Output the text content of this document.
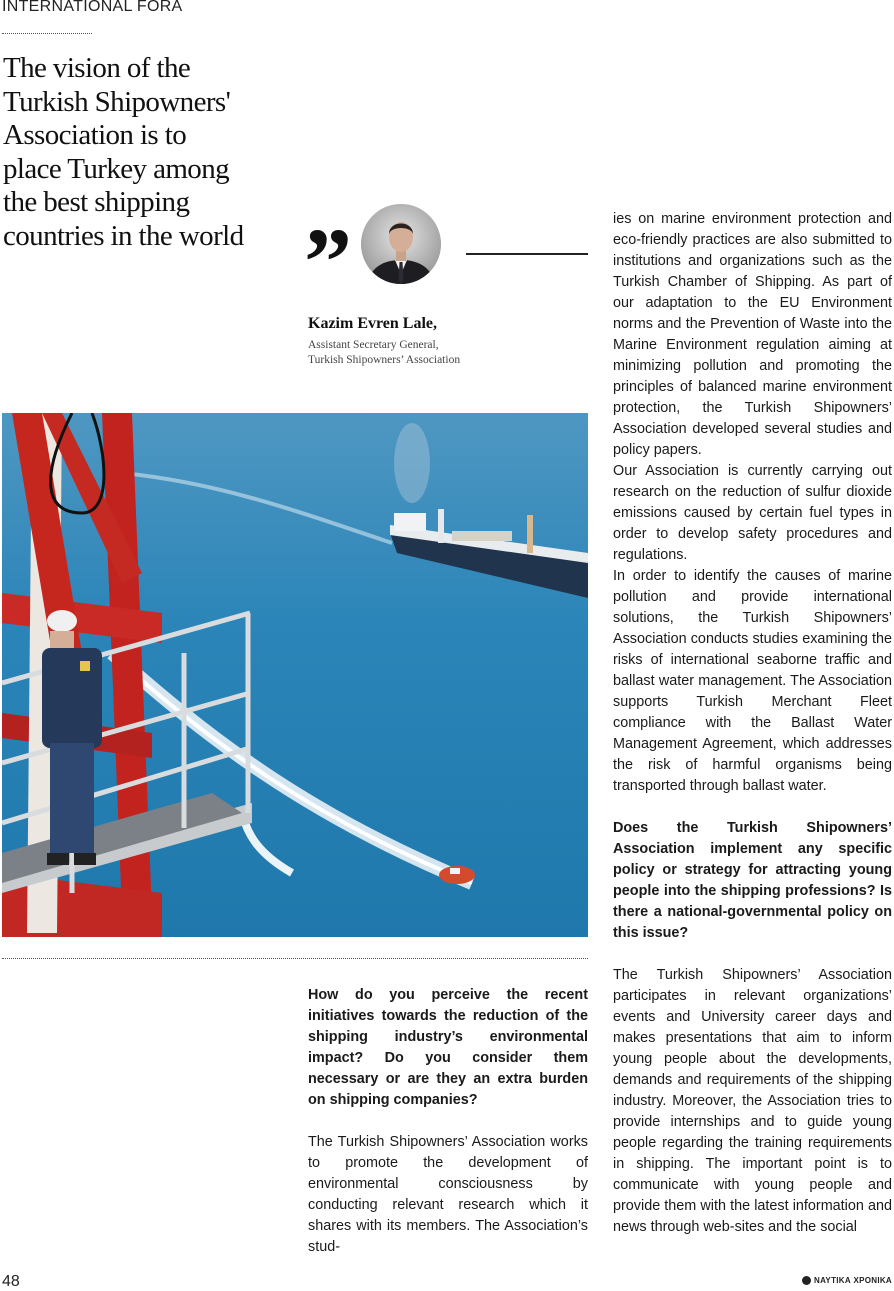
INTERNATIONAL FORA
The vision of the
Turkish Shipowners'
Association is to
place Turkey among
the best shipping
countries in the world ”
Kazim Evren Lale,
Assistant Secretary General,
Turkish Shipowners’ Association

How do you perceive the recent initiatives towards the reduction of the shipping industry’s environmental impact? Do you consider them necessary or are they an extra burden on shipping companies?

The Turkish Shipowners’ Association works to promote the development of environmental consciousness by conducting relevant research which it shares with its members. The Association’s stud-

ies on marine environment protection and eco-friendly practices are also submitted to institutions and organizations such as the Turkish Chamber of Shipping. As part of our adaptation to the EU Environment norms and the Prevention of Waste into the Marine Environment regulation aiming at minimizing pollution and promoting the principles of balanced marine environment protection, the Turkish Shipowners’ Association developed several studies and policy papers.

Our Association is currently carrying out research on the reduction of sulfur dioxide emissions caused by certain fuel types in order to develop safety procedures and regulations.

In order to identify the causes of marine pollution and provide international solutions, the Turkish Shipowners’ Association conducts studies examining the risks of international seaborne traffic and ballast water management. The Association supports Turkish Merchant Fleet compliance with the Ballast Water Management Agreement, which addresses the risk of harmful organisms being transported through ballast water.

Does the Turkish Shipowners’ Association implement any specific policy or strategy for attracting young people into the shipping professions? Is there a national-governmental policy on this issue?

The Turkish Shipowners’ Association participates in relevant organizations’ events and University career days and makes presentations that aim to inform young people about the developments, demands and requirements of the shipping industry. Moreover, the Association tries to provide internships and to guide young people regarding the training requirements in shipping. The important point is to communicate with young people and provide them with the latest information and news through web-sites and the social

48	ΝΑΥΤΙΚΑ ΧΡΟΝΙΚΑ
